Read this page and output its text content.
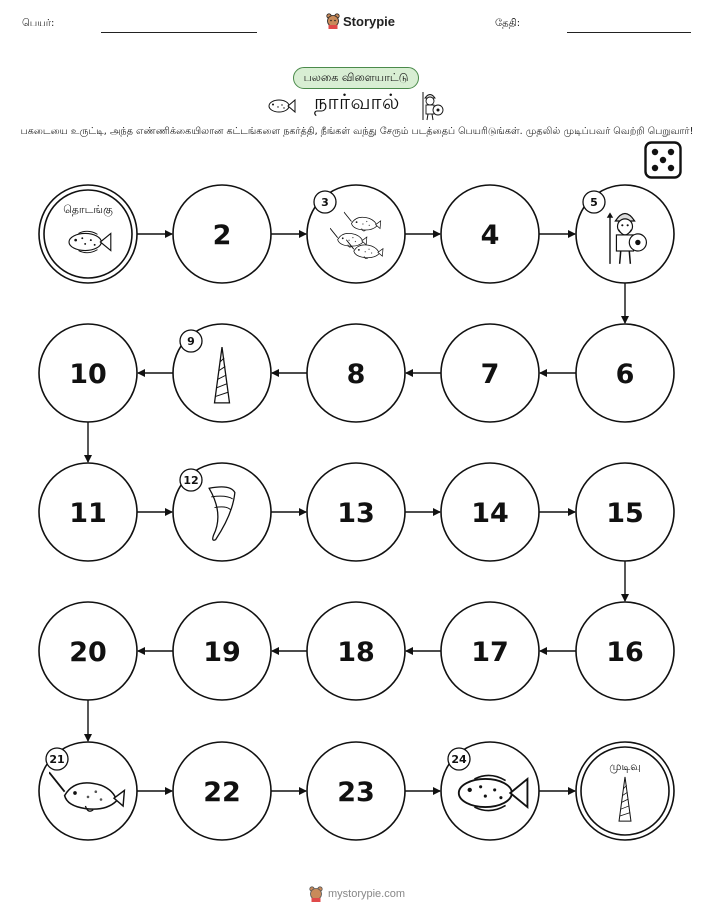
பெயர்:	Storypie	தேதி:
பலகை விளையாட்டு
நார்வால்
பகடையை உருட்டி, அந்த எண்ணிக்கையிலான கட்டங்களை நகர்த்தி, நீங்கள் வந்து சேரும் படத்தைப் பெயரிடுங்கள். முதலில் முடிப்பவர் வெற்றி பெறுவார்!
தொடங்கு
2
3
4
5
6
7
8
9
10
11
12
13	14	15
16
17
18
19
20
21
22	23
24
முடிவு
mystorypie.com
